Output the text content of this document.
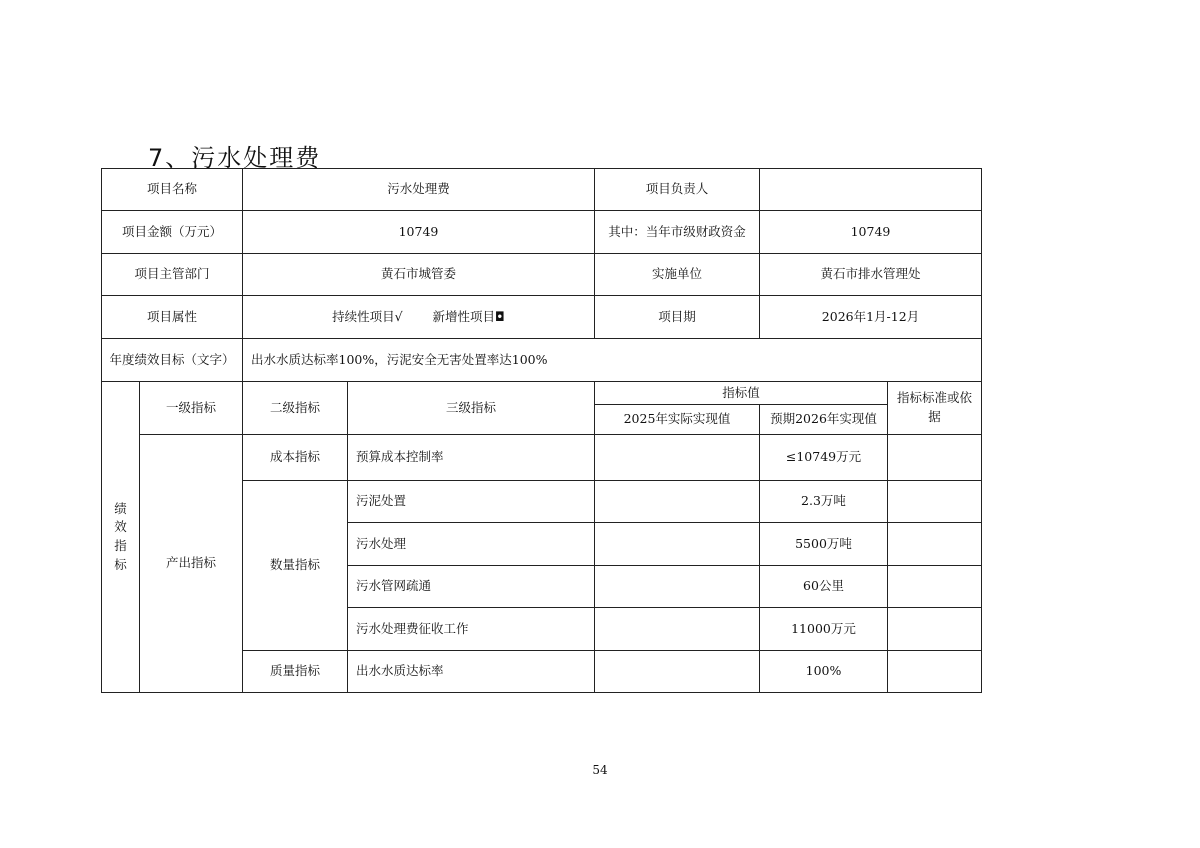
7、污水处理费
项目名称		污水处理费		项目负责人		
项目金额（万元）		10749		其中：当年市级财政资金	10749	
项目主管部门		黄石市城管委		实施单位	黄石市排水管理处	
项目属性		持续性项目√ 新增性项目◘		项目期	2026年1月-12月	
年度绩效目标（文字）		出水水质达标率100%，污泥安全无害处置率达100%				

绩
效
指
标	一级指标	二级指标	三级指标	指标值		指标标准或依据
				2025年实际实现值	预期2026年实现值	
	产出指标	成本指标	预算成本控制率		≤10749万元	
		数量指标	污泥处置		2.3万吨	
			污水处理		5500万吨	
			污水管网疏通		60公里	
			污水处理费征收工作		11000万元	
		质量指标	出水水质达标率		100%	
54
